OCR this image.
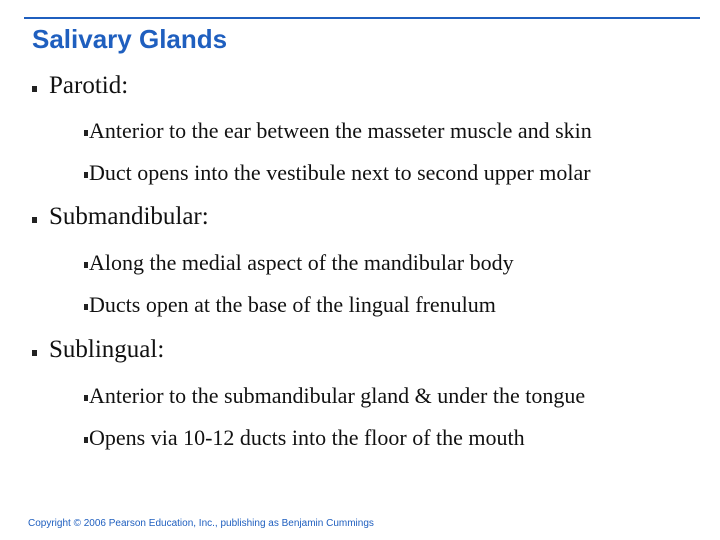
Salivary Glands
Parotid:
Anterior to the ear between the masseter muscle and skin
Duct opens into the vestibule next to second upper molar
Submandibular:
Along the medial aspect of the mandibular body
Ducts open at the base of the lingual frenulum
Sublingual:
Anterior to the submandibular gland & under the tongue
Opens via 10-12 ducts into the floor of the mouth
Copyright © 2006 Pearson Education, Inc., publishing as Benjamin Cummings
